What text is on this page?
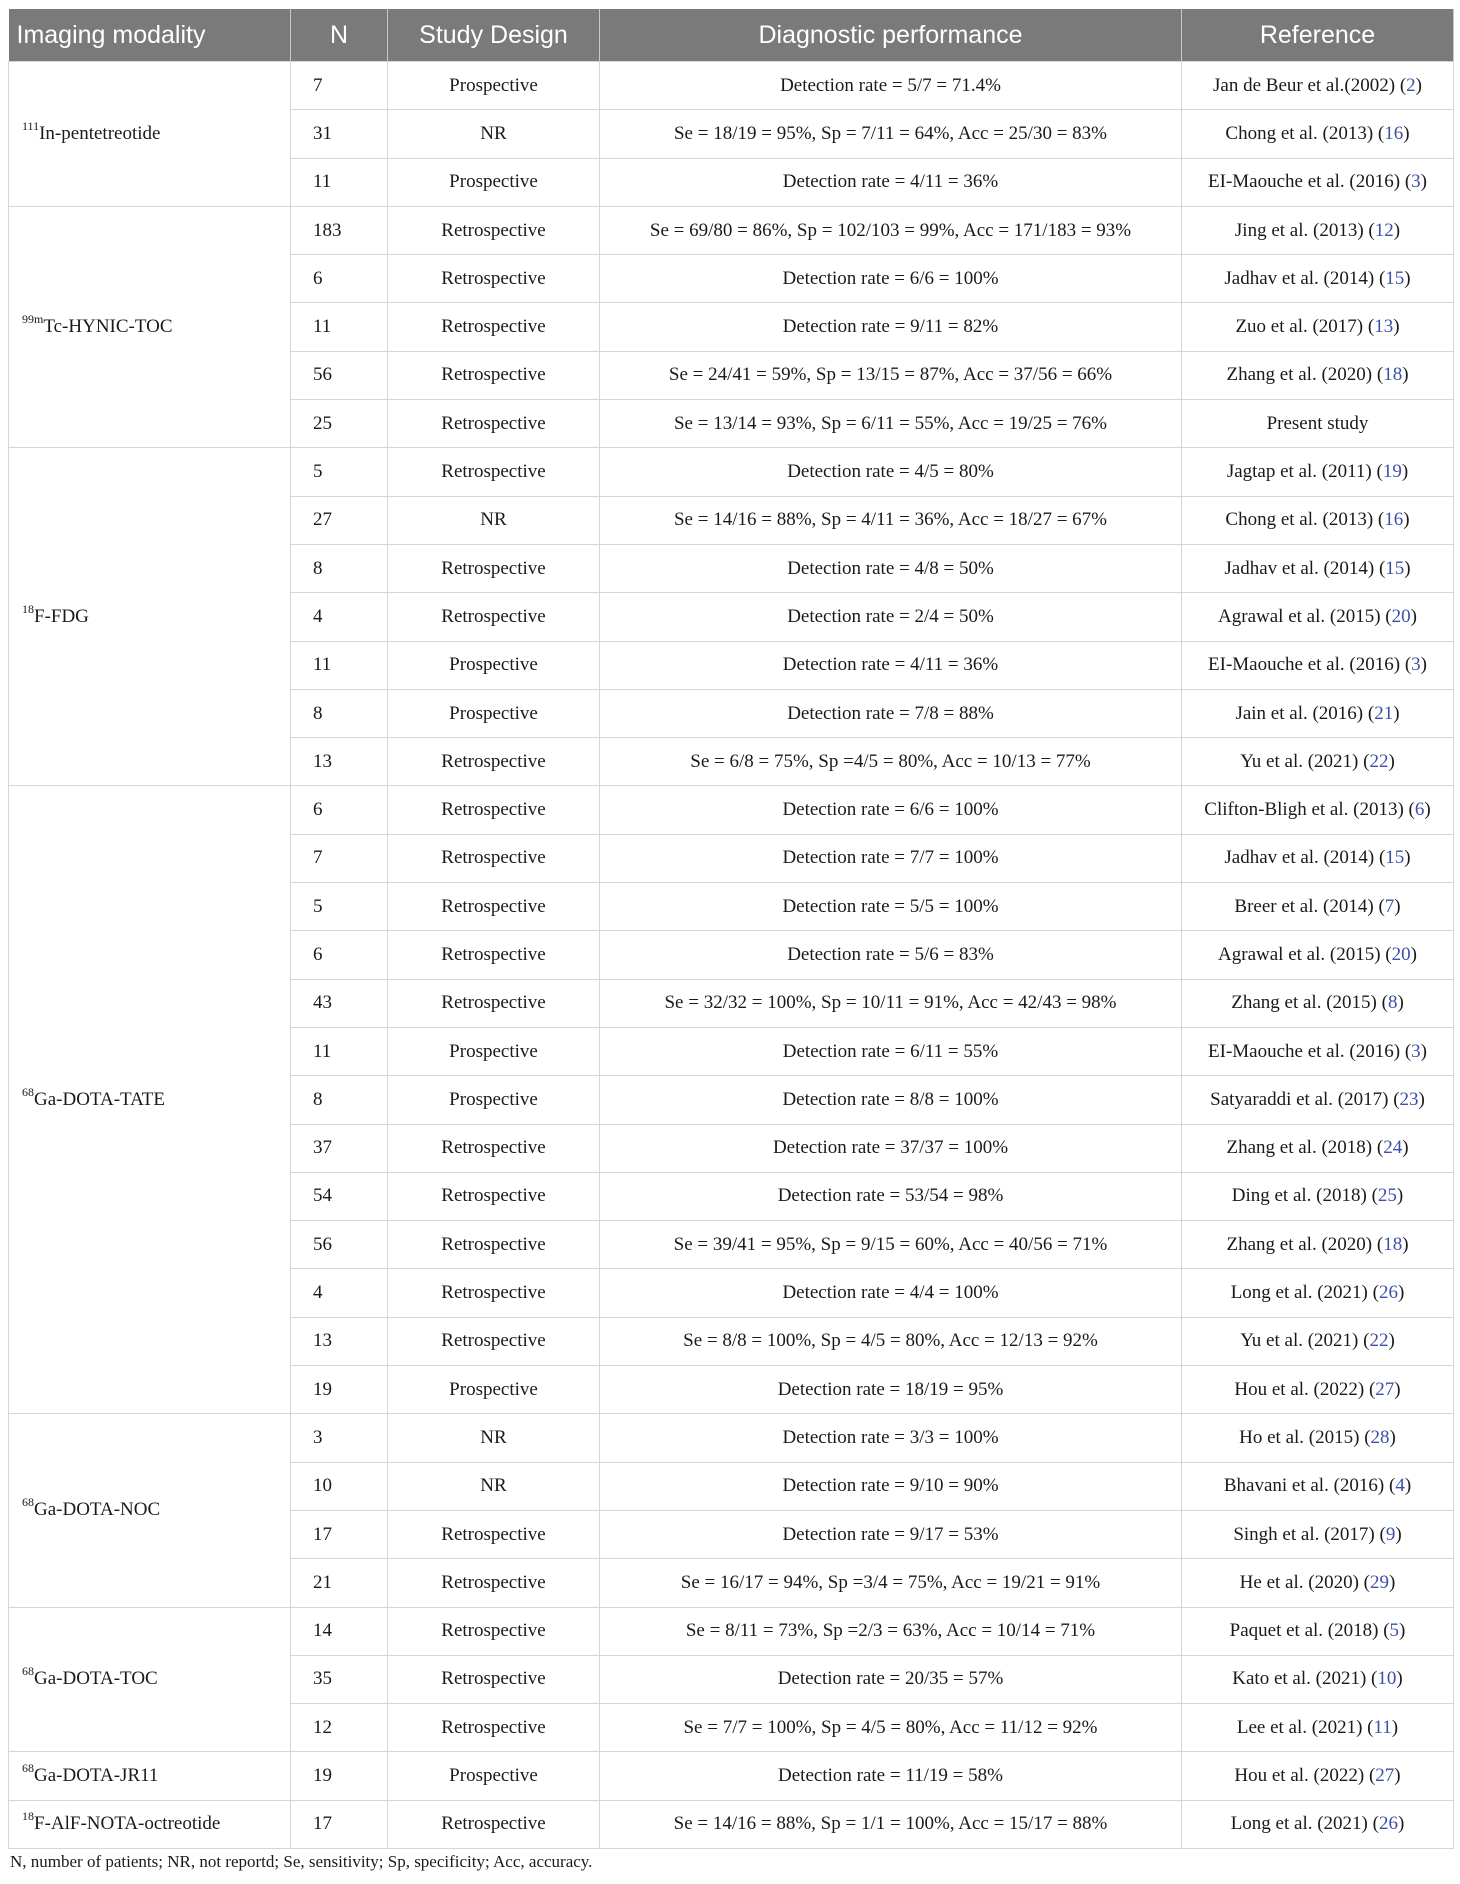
Imaging modality	N	Study Design	Diagnostic performance	Reference
$^{111}$In-pentetreotide	7	Prospective	Detection rate = 5/7 = 71.4%	Jan de Beur et al.(2002) (2)
	31	NR	Se = 18/19 = 95%, Sp = 7/11 = 64%, Acc = 25/30 = 83%	Chong et al. (2013) (16)
	11	Prospective	Detection rate = 4/11 = 36%	EI-Maouche et al. (2016) (3)
$^{99m}$Tc-HYNIC-TOC	183	Retrospective	Se = 69/80 = 86%, Sp = 102/103 = 99%, Acc = 171/183 = 93%	Jing et al. (2013) (12)
	6	Retrospective	Detection rate = 6/6 = 100%	Jadhav et al. (2014) (15)
	11	Retrospective	Detection rate = 9/11 = 82%	Zuo et al. (2017) (13)
	56	Retrospective	Se = 24/41 = 59%, Sp = 13/15 = 87%, Acc = 37/56 = 66%	Zhang et al. (2020) (18)
	25	Retrospective	Se = 13/14 = 93%, Sp = 6/11 = 55%, Acc = 19/25 = 76%	Present study
$^{18}$F-FDG	5	Retrospective	Detection rate = 4/5 = 80%	Jagtap et al. (2011) (19)
	27	NR	Se = 14/16 = 88%, Sp = 4/11 = 36%, Acc = 18/27 = 67%	Chong et al. (2013) (16)
	8	Retrospective	Detection rate = 4/8 = 50%	Jadhav et al. (2014) (15)
	4	Retrospective	Detection rate = 2/4 = 50%	Agrawal et al. (2015) (20)
	11	Prospective	Detection rate = 4/11 = 36%	EI-Maouche et al. (2016) (3)
	8	Prospective	Detection rate = 7/8 = 88%	Jain et al. (2016) (21)
	13	Retrospective	Se = 6/8 = 75%, Sp =4/5 = 80%, Acc = 10/13 = 77%	Yu et al. (2021) (22)
$^{68}$Ga-DOTA-TATE	6	Retrospective	Detection rate = 6/6 = 100%	Clifton-Bligh et al. (2013) (6)
	7	Retrospective	Detection rate = 7/7 = 100%	Jadhav et al. (2014) (15)
	5	Retrospective	Detection rate = 5/5 = 100%	Breer et al. (2014) (7)
	6	Retrospective	Detection rate = 5/6 = 83%	Agrawal et al. (2015) (20)
	43	Retrospective	Se = 32/32 = 100%, Sp = 10/11 = 91%, Acc = 42/43 = 98%	Zhang et al. (2015) (8)
	11	Prospective	Detection rate = 6/11 = 55%	EI-Maouche et al. (2016) (3)
	8	Prospective	Detection rate = 8/8 = 100%	Satyaraddi et al. (2017) (23)
	37	Retrospective	Detection rate = 37/37 = 100%	Zhang et al. (2018) (24)
	54	Retrospective	Detection rate = 53/54 = 98%	Ding et al. (2018) (25)
	56	Retrospective	Se = 39/41 = 95%, Sp = 9/15 = 60%, Acc = 40/56 = 71%	Zhang et al. (2020) (18)
	4	Retrospective	Detection rate = 4/4 = 100%	Long et al. (2021) (26)
	13	Retrospective	Se = 8/8 = 100%, Sp = 4/5 = 80%, Acc = 12/13 = 92%	Yu et al. (2021) (22)
	19	Prospective	Detection rate = 18/19 = 95%	Hou et al. (2022) (27)
$^{68}$Ga-DOTA-NOC	3	NR	Detection rate = 3/3 = 100%	Ho et al. (2015) (28)
	10	NR	Detection rate = 9/10 = 90%	Bhavani et al. (2016) (4)
	17	Retrospective	Detection rate = 9/17 = 53%	Singh et al. (2017) (9)
	21	Retrospective	Se = 16/17 = 94%, Sp =3/4 = 75%, Acc = 19/21 = 91%	He et al. (2020) (29)
$^{68}$Ga-DOTA-TOC	14	Retrospective	Se = 8/11 = 73%, Sp =2/3 = 63%, Acc = 10/14 = 71%	Paquet et al. (2018) (5)
	35	Retrospective	Detection rate = 20/35 = 57%	Kato et al. (2021) (10)
	12	Retrospective	Se = 7/7 = 100%, Sp = 4/5 = 80%, Acc = 11/12 = 92%	Lee et al. (2021) (11)
$^{68}$Ga-DOTA-JR11	19	Prospective	Detection rate = 11/19 = 58%	Hou et al. (2022) (27)
$^{18}$F-AlF-NOTA-octreotide	17	Retrospective	Se = 14/16 = 88%, Sp = 1/1 = 100%, Acc = 15/17 = 88%	Long et al. (2021) (26)
N, number of patients; NR, not reportd; Se, sensitivity; Sp, specificity; Acc, accuracy.
